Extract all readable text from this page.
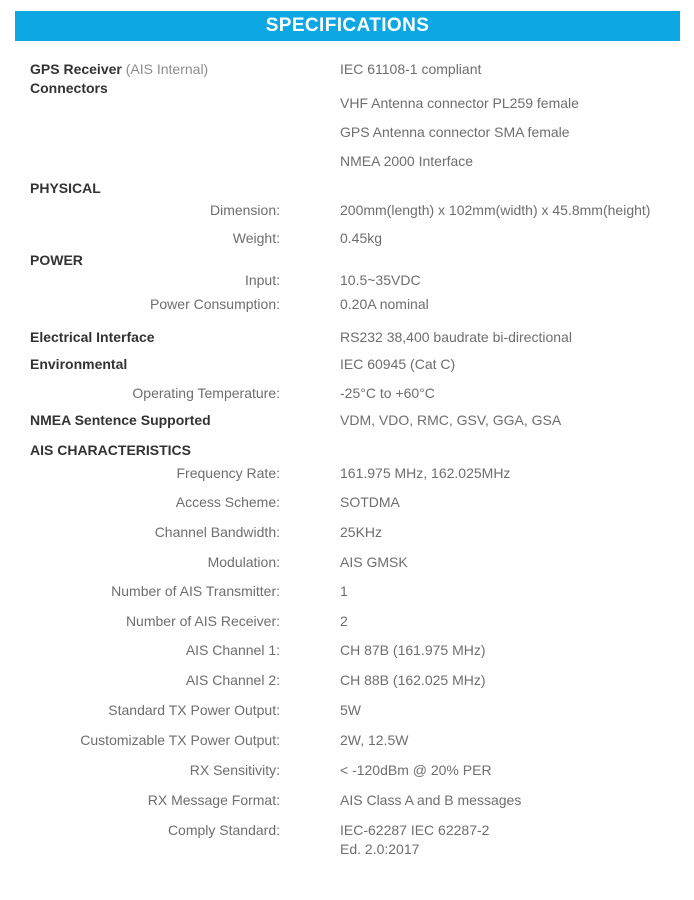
SPECIFICATIONS
GPS Receiver (AIS Internal)	IEC 61108-1 compliant
Connectors
VHF Antenna connector PL259 female
GPS Antenna connector SMA female
NMEA 2000 Interface
PHYSICAL
Dimension:	200mm(length) x 102mm(width) x 45.8mm(height)
Weight:	0.45kg
POWER
Input:	10.5~35VDC
Power Consumption:	0.20A nominal
Electrical Interface	RS232 38,400 baudrate bi-directional
Environmental	IEC 60945 (Cat C)
Operating Temperature:	-25°C to +60°C
NMEA Sentence Supported	VDM, VDO, RMC, GSV, GGA, GSA
AIS CHARACTERISTICS
Frequency Rate:	161.975 MHz, 162.025MHz
Access Scheme:	SOTDMA
Channel Bandwidth:	25KHz
Modulation:	AIS GMSK
Number of AIS Transmitter:	1
Number of AIS Receiver:	2
AIS Channel 1:	CH 87B (161.975 MHz)
AIS Channel 2:	CH 88B (162.025 MHz)
Standard TX Power Output:	5W
Customizable TX Power Output:	2W, 12.5W
RX Sensitivity:	< -120dBm @ 20% PER
RX Message Format:	AIS Class A and B messages
Comply Standard:	IEC-62287 IEC 62287-2
Ed. 2.0:2017
